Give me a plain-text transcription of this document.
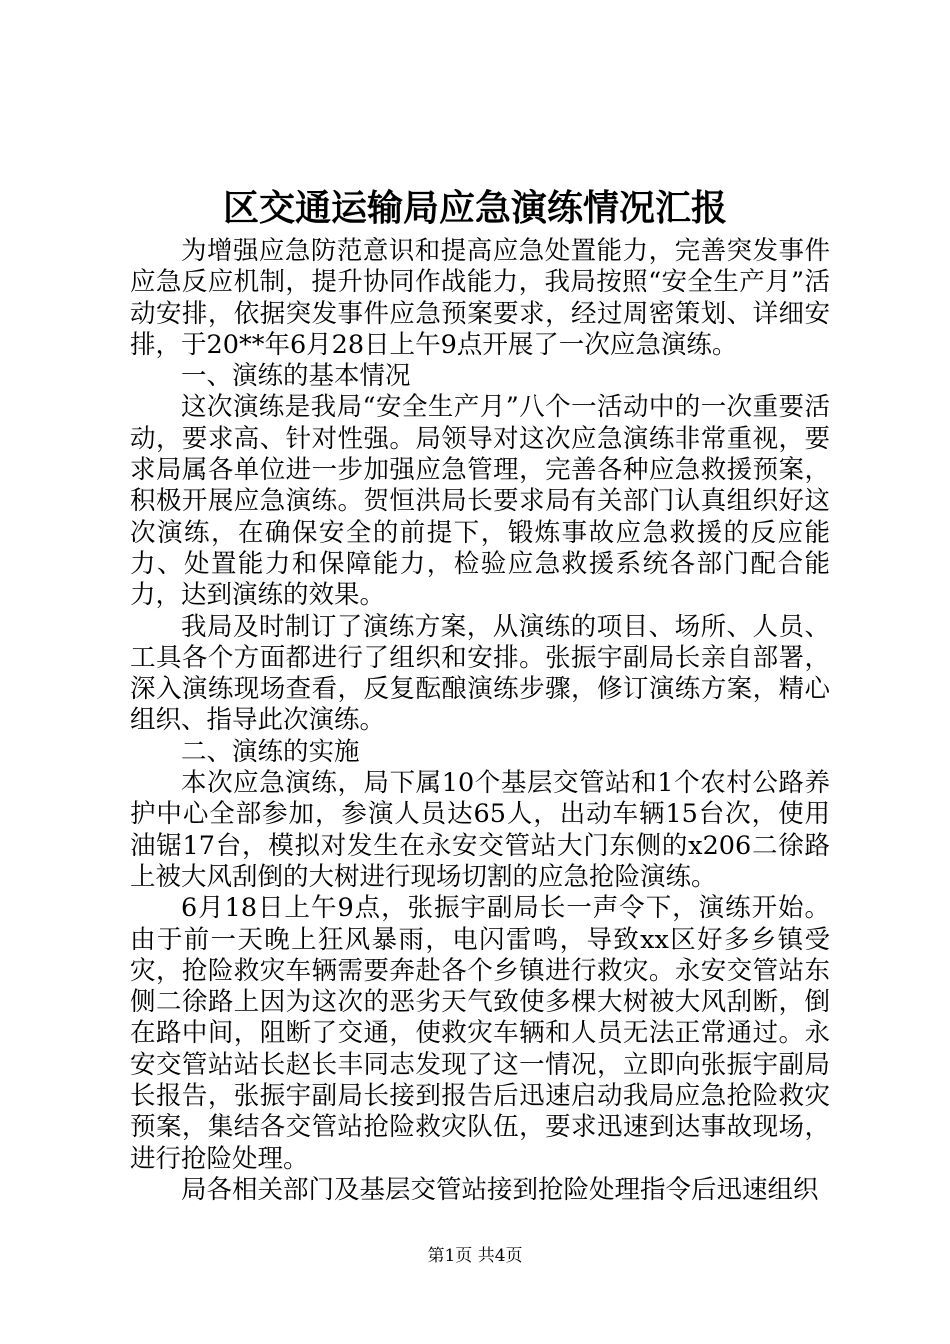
区交通运输局应急演练情况汇报

为增强应急防范意识和提高应急处置能力，完善突发事件应急反应机制，提升协同作战能力，我局按照“安全生产月”活动安排，依据突发事件应急预案要求，经过周密策划、详细安排，于20**年6月28日上午9点开展了一次应急演练。

一、演练的基本情况

这次演练是我局“安全生产月”八个一活动中的一次重要活动，要求高、针对性强。局领导对这次应急演练非常重视，要求局属各单位进一步加强应急管理，完善各种应急救援预案，积极开展应急演练。贺恒洪局长要求局有关部门认真组织好这次演练，在确保安全的前提下，锻炼事故应急救援的反应能力、处置能力和保障能力，检验应急救援系统各部门配合能力，达到演练的效果。

我局及时制订了演练方案，从演练的项目、场所、人员、工具各个方面都进行了组织和安排。张振宇副局长亲自部署，深入演练现场查看，反复酝酿演练步骤，修订演练方案，精心组织、指导此次演练。

二、演练的实施

本次应急演练，局下属10个基层交管站和1个农村公路养护中心全部参加，参演人员达65人，出动车辆15台次，使用油锯17台，模拟对发生在永安交管站大门东侧的x206二徐路上被大风刮倒的大树进行现场切割的应急抢险演练。

6月18日上午9点，张振宇副局长一声令下，演练开始。由于前一天晚上狂风暴雨，电闪雷鸣，导致xx区好多乡镇受灾，抢险救灾车辆需要奔赴各个乡镇进行救灾。永安交管站东侧二徐路上因为这次的恶劣天气致使多棵大树被大风刮断，倒在路中间，阻断了交通，使救灾车辆和人员无法正常通过。永安交管站站长赵长丰同志发现了这一情况，立即向张振宇副局长报告，张振宇副局长接到报告后迅速启动我局应急抢险救灾预案，集结各交管站抢险救灾队伍，要求迅速到达事故现场，进行抢险处理。

局各相关部门及基层交管站接到抢险处理指令后迅速组织

第1页 共4页
